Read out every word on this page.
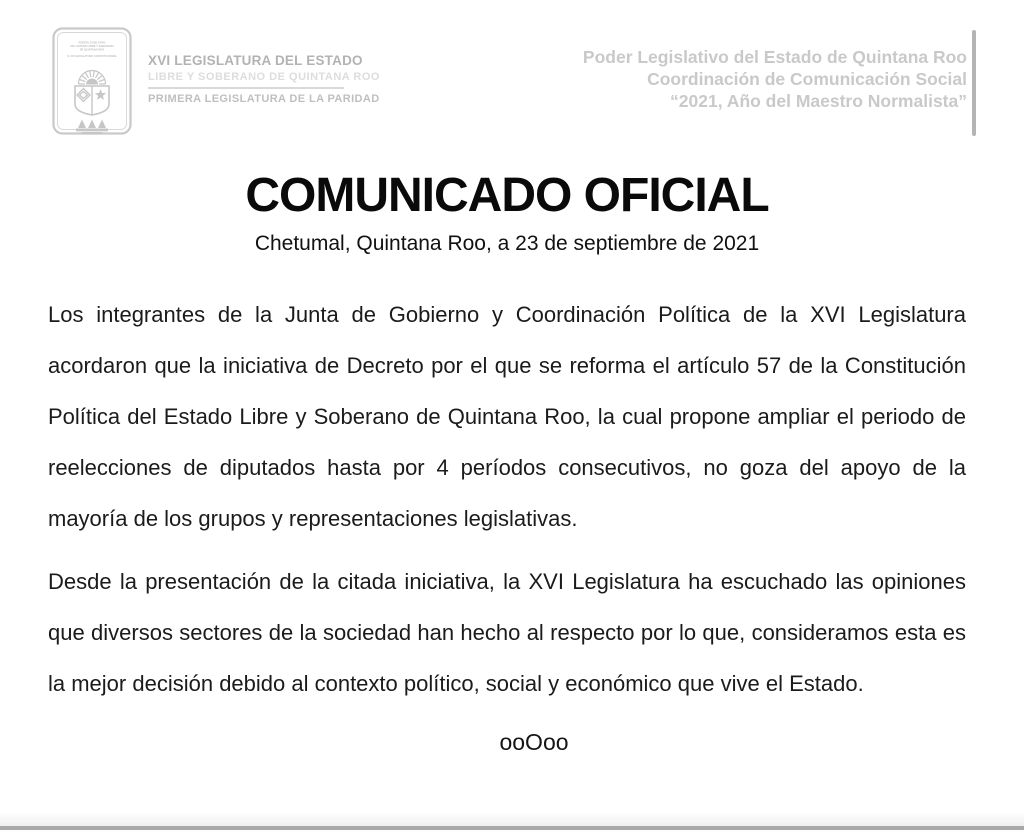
PODER LEGISLATIVO
DEL ESTADO LIBRE Y SOBERANO
DE QUINTANA ROO
H. XVI LEGISLATURA CONSTITUCIONAL XVI LEGISLATURA DEL ESTADO
LIBRE Y SOBERANO DE QUINTANA ROO
PRIMERA LEGISLATURA DE LA PARIDAD
Poder Legislativo del Estado de Quintana Roo
Coordinación de Comunicación Social
“2021, Año del Maestro Normalista”
COMUNICADO OFICIAL
Chetumal, Quintana Roo, a 23 de septiembre de 2021

Los integrantes de la Junta de Gobierno y Coordinación Política de la XVI Legislatura acordaron que la iniciativa de Decreto por el que se reforma el artículo 57 de la Constitución Política del Estado Libre y Soberano de Quintana Roo, la cual propone ampliar el periodo de reelecciones de diputados hasta por 4 períodos consecutivos, no goza del apoyo de la mayoría de los grupos y representaciones legislativas.

Desde la presentación de la citada iniciativa, la XVI Legislatura ha escuchado las opiniones que diversos sectores de la sociedad han hecho al respecto por lo que, consideramos esta es la mejor decisión debido al contexto político, social y económico que vive el Estado.

ooOoo
